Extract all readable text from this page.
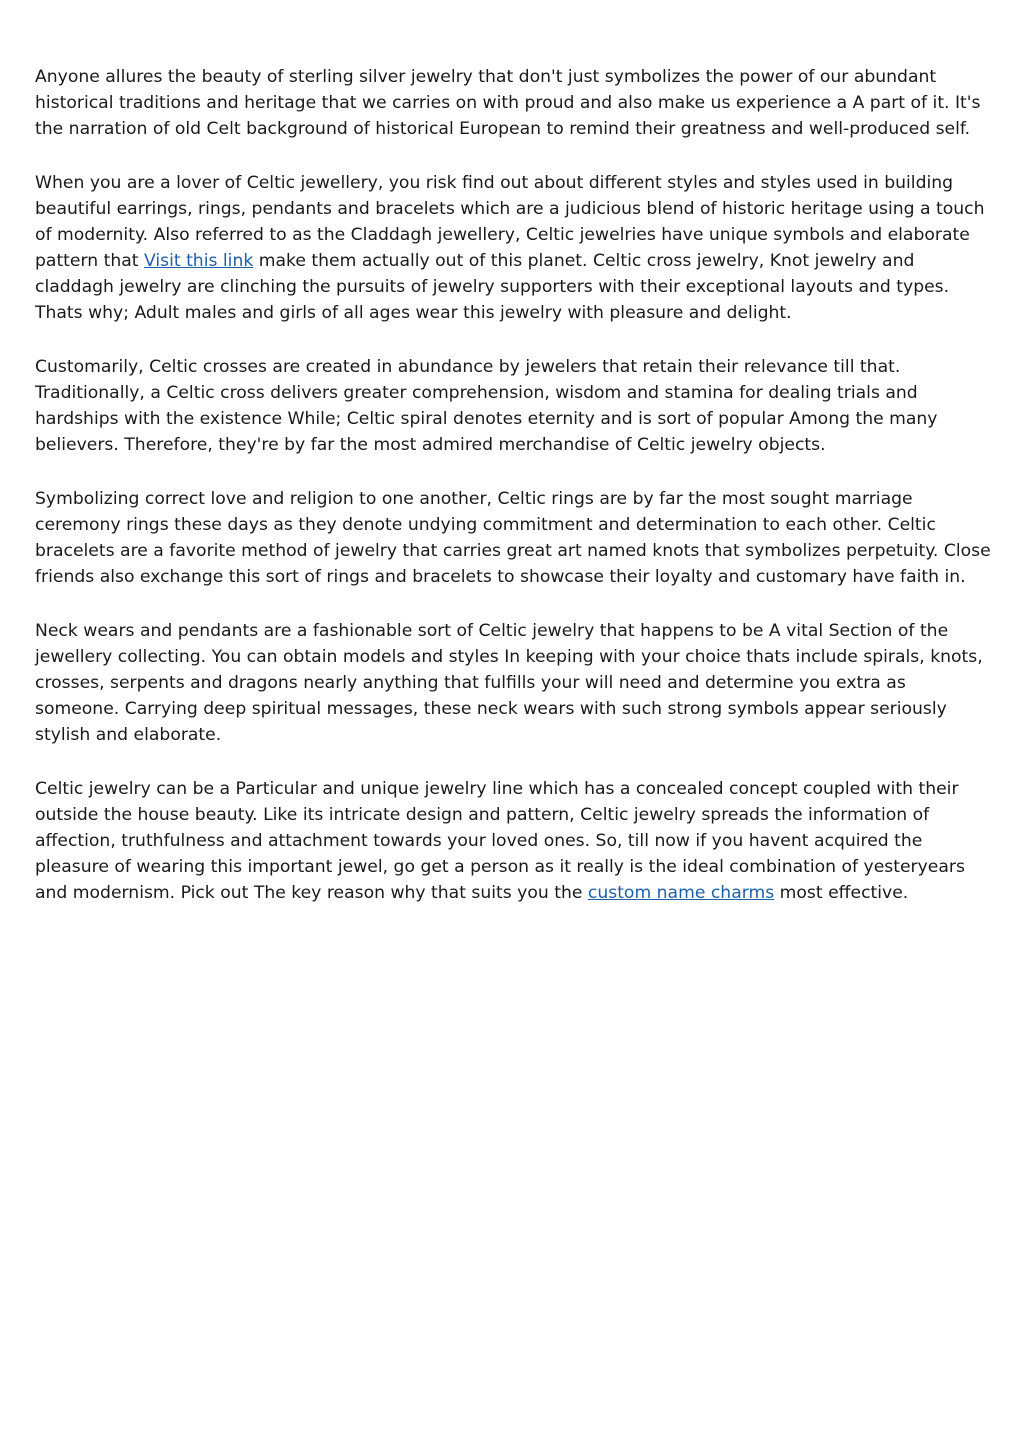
Anyone allures the beauty of sterling silver jewelry that don't just symbolizes the power of our abundant historical traditions and heritage that we carries on with proud and also make us experience a A part of it. It's the narration of old Celt background of historical European to remind their greatness and well-produced self.

When you are a lover of Celtic jewellery, you risk find out about different styles and styles used in building beautiful earrings, rings, pendants and bracelets which are a judicious blend of historic heritage using a touch of modernity. Also referred to as the Claddagh jewellery, Celtic jewelries have unique symbols and elaborate pattern that Visit this link make them actually out of this planet. Celtic cross jewelry, Knot jewelry and claddagh jewelry are clinching the pursuits of jewelry supporters with their exceptional layouts and types. Thats why; Adult males and girls of all ages wear this jewelry with pleasure and delight.

Customarily, Celtic crosses are created in abundance by jewelers that retain their relevance till that. Traditionally, a Celtic cross delivers greater comprehension, wisdom and stamina for dealing trials and hardships with the existence While; Celtic spiral denotes eternity and is sort of popular Among the many believers. Therefore, they're by far the most admired merchandise of Celtic jewelry objects.

Symbolizing correct love and religion to one another, Celtic rings are by far the most sought marriage ceremony rings these days as they denote undying commitment and determination to each other. Celtic bracelets are a favorite method of jewelry that carries great art named knots that symbolizes perpetuity. Close friends also exchange this sort of rings and bracelets to showcase their loyalty and customary have faith in.

Neck wears and pendants are a fashionable sort of Celtic jewelry that happens to be A vital Section of the jewellery collecting. You can obtain models and styles In keeping with your choice thats include spirals, knots, crosses, serpents and dragons nearly anything that fulfills your will need and determine you extra as someone. Carrying deep spiritual messages, these neck wears with such strong symbols appear seriously stylish and elaborate.

Celtic jewelry can be a Particular and unique jewelry line which has a concealed concept coupled with their outside the house beauty. Like its intricate design and pattern, Celtic jewelry spreads the information of affection, truthfulness and attachment towards your loved ones. So, till now if you havent acquired the pleasure of wearing this important jewel, go get a person as it really is the ideal combination of yesteryears and modernism. Pick out The key reason why that suits you the custom name charms most effective.
